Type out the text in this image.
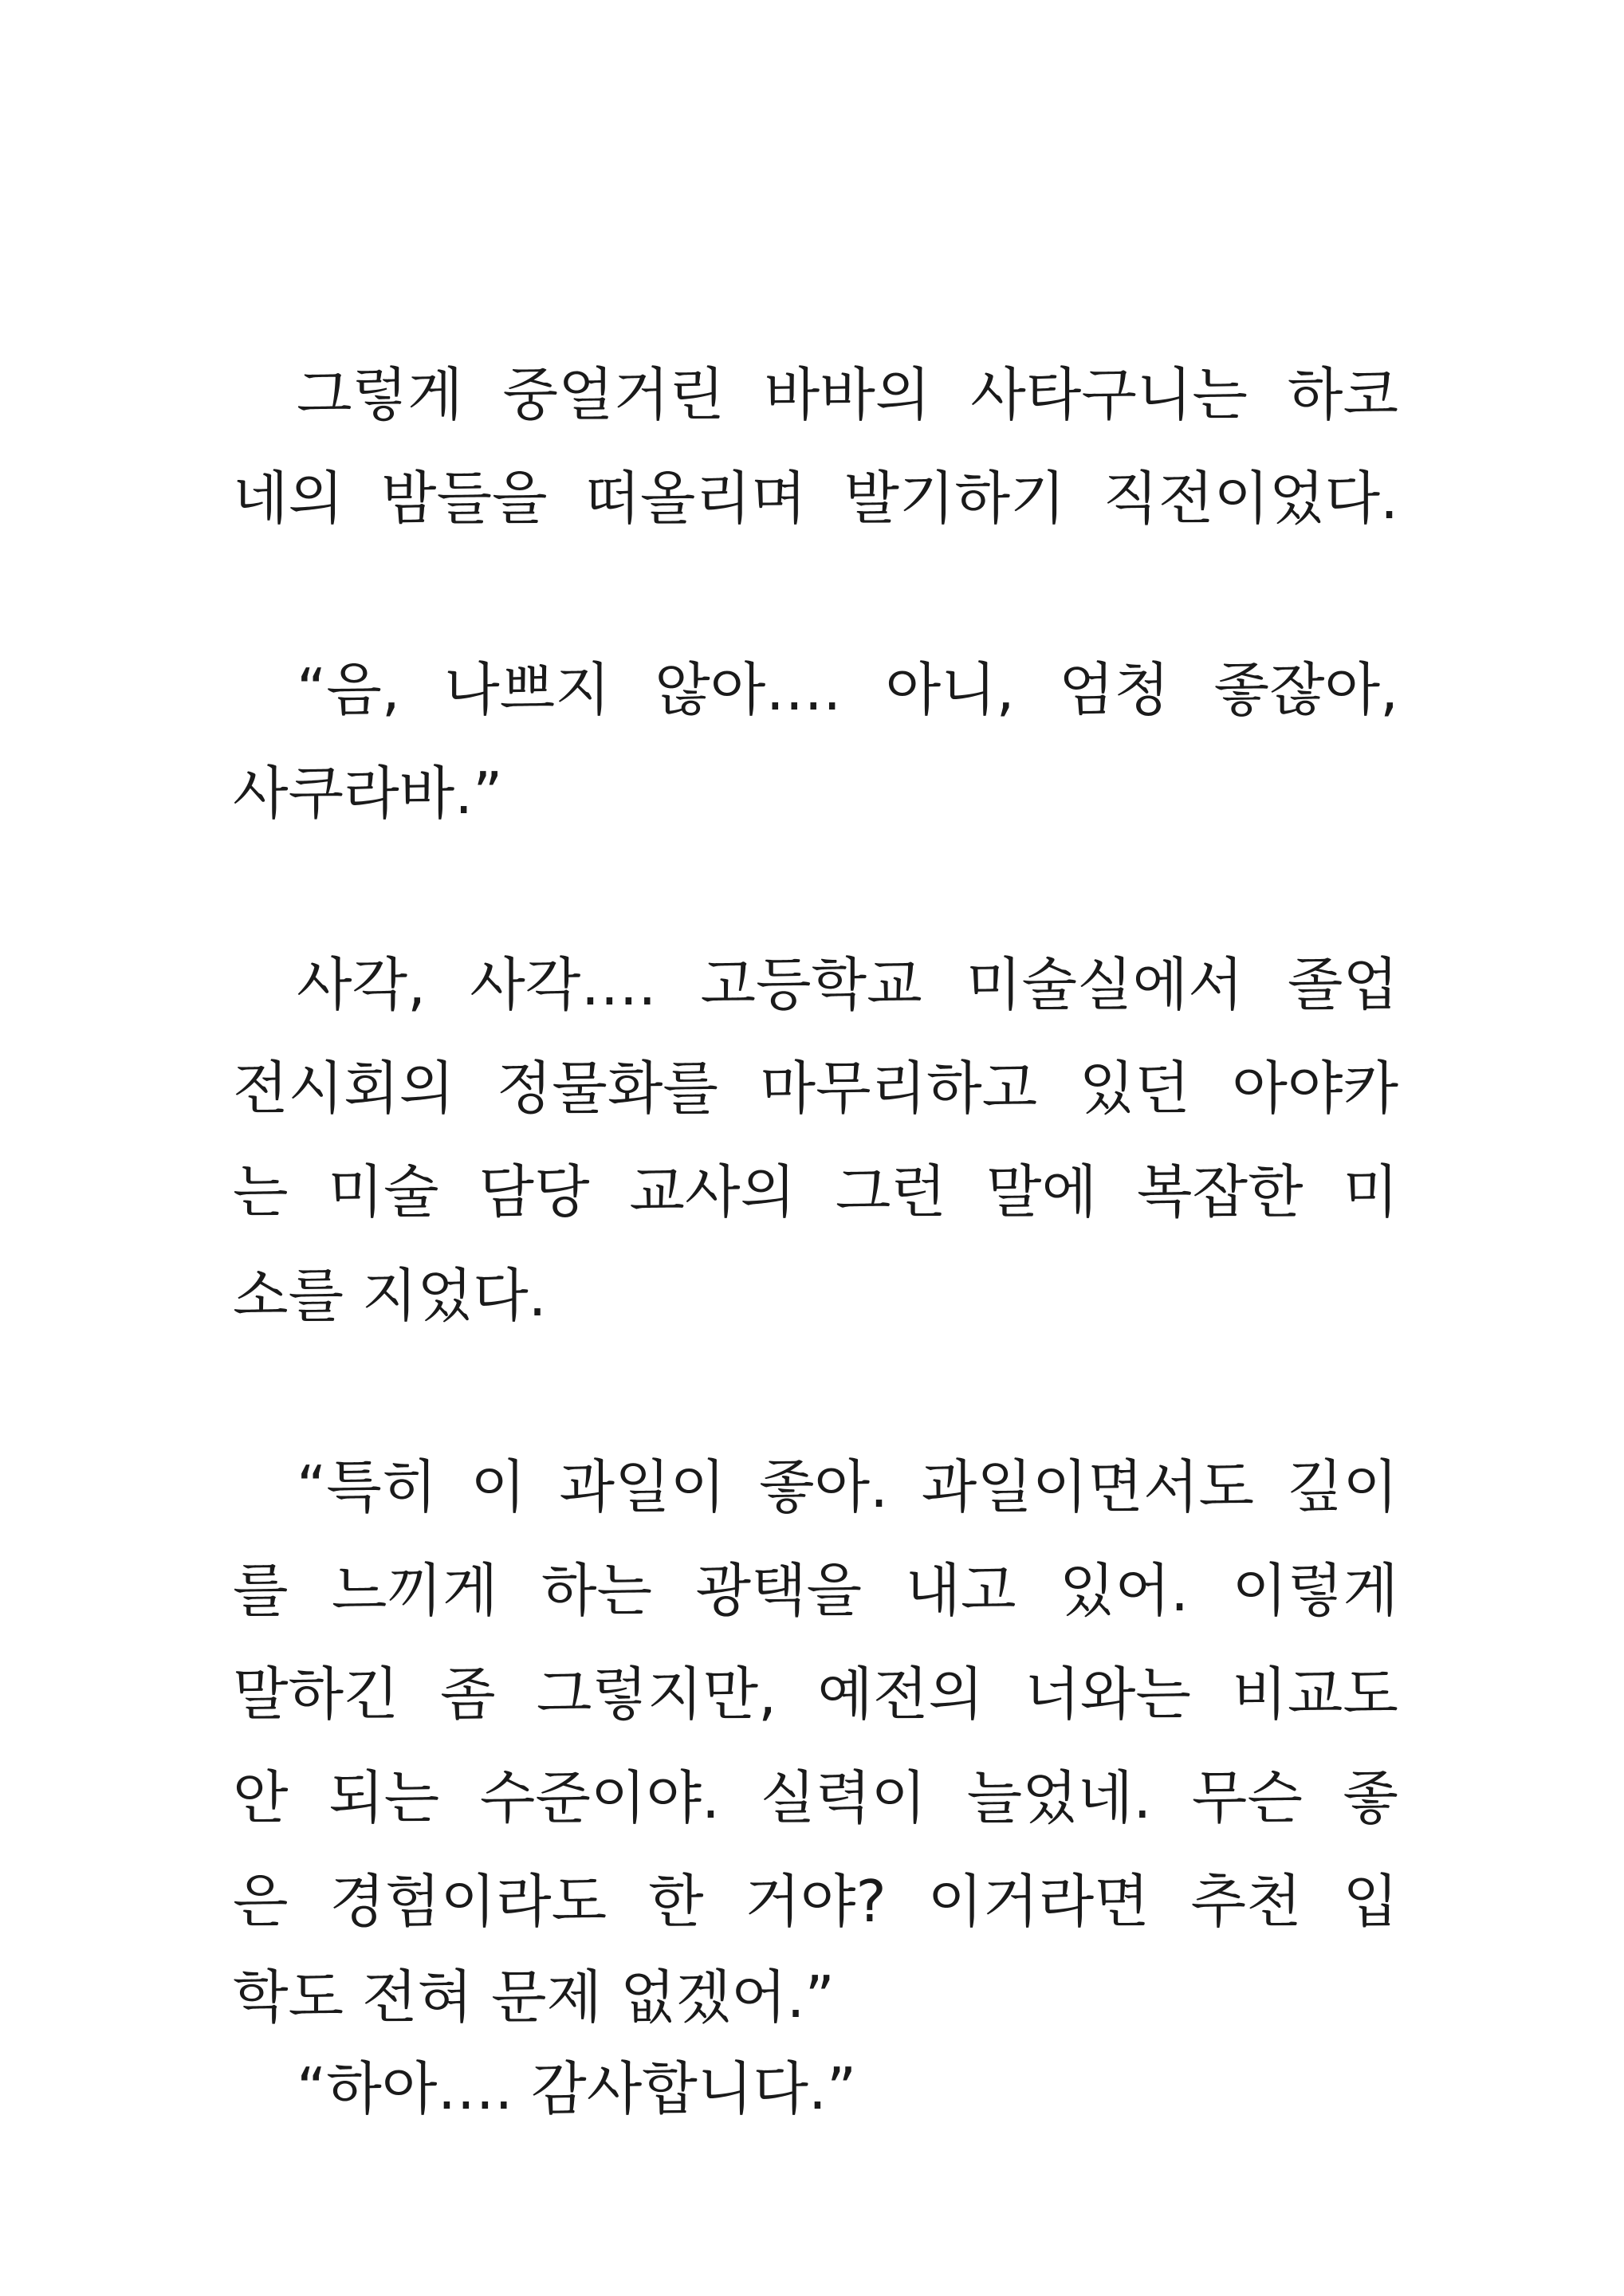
그렇게 중얼거린 바바의 사타구니는 하코
네의 밤들을 떠올리며 발기하기 직전이었다.
“음, 나쁘지 않아…. 아니, 엄청 좋잖아,
사쿠라바.”
사각, 사각…. 고등학교 미술실에서 졸업
전시회의 정물화를 마무리하고 있던 아야카
는 미술 담당 교사의 그런 말에 복잡한 미
소를 지었다.
“특히 이 과일이 좋아. 과일이면서도 깊이
를 느끼게 하는 광택을 내고 있어. 이렇게
말하긴 좀 그렇지만, 예전의 너와는 비교도
안 되는 수준이야. 실력이 늘었네. 무슨 좋
은 경험이라도 한 거야? 이거라면 추천 입
학도 전혀 문제 없겠어.”
“하아…. 감사합니다.”
